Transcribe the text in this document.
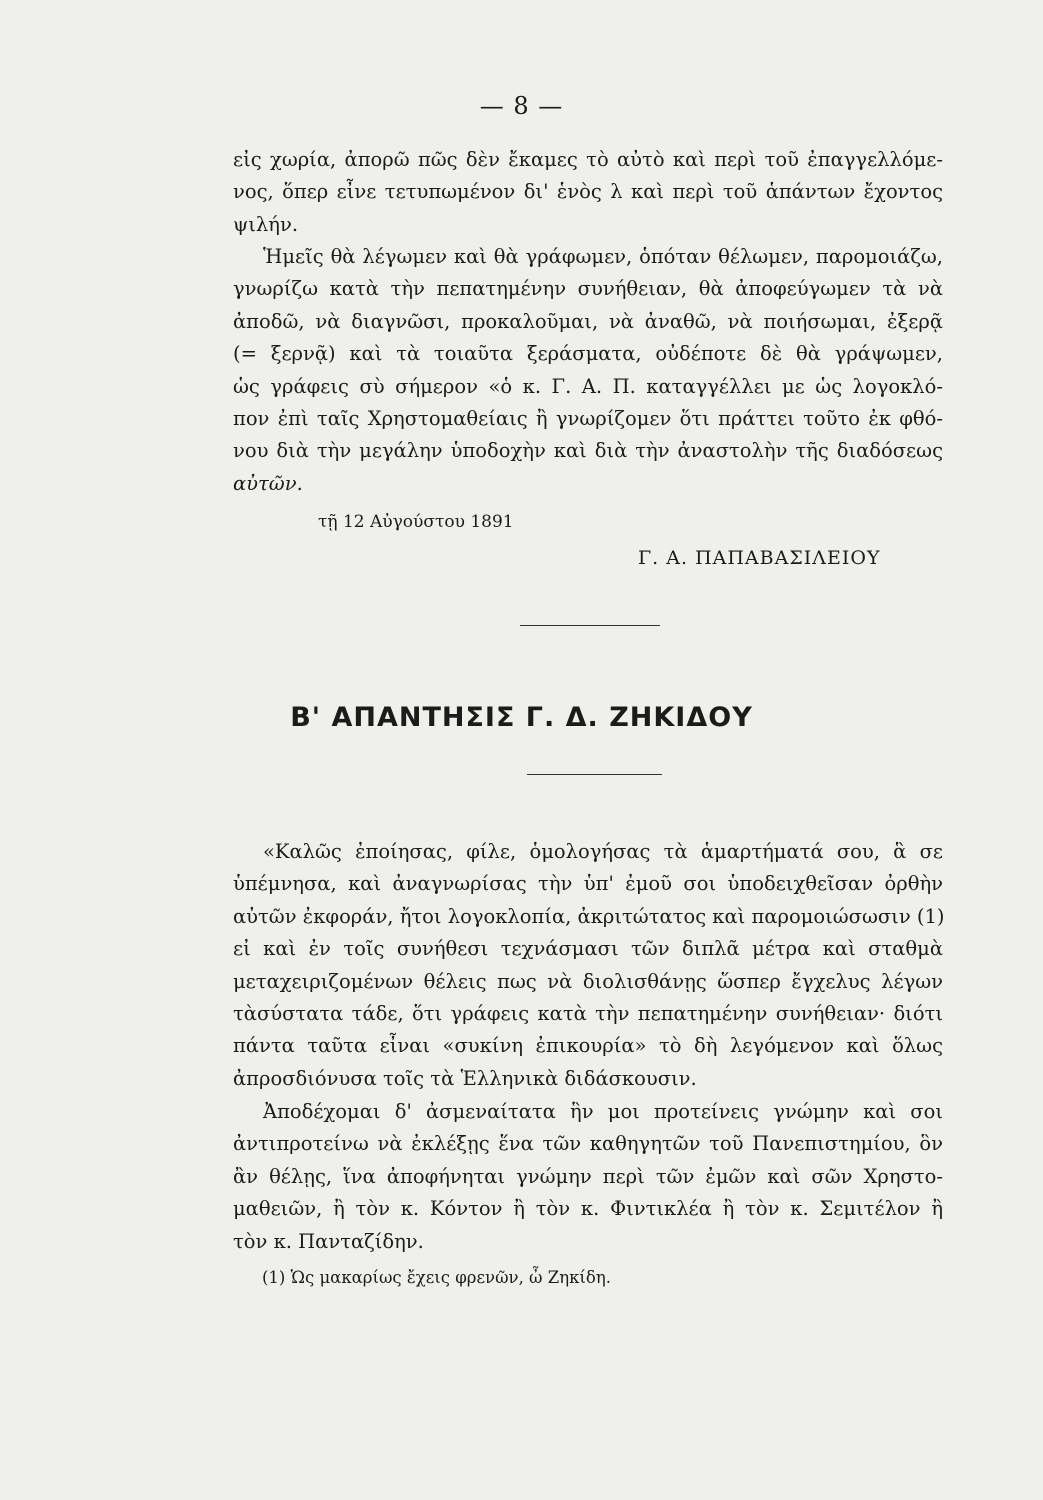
— 8 —
εἰς χωρία, ἀπορῶ πῶς δὲν ἔκαμες τὸ αὐτὸ καὶ περὶ τοῦ ἐπαγγελλόμε-
νος, ὅπερ εἶνε τετυπωμένον δι' ἑνὸς λ καὶ περὶ τοῦ ἁπάντων ἔχοντος
ψιλήν.
Ἡμεῖς θὰ λέγωμεν καὶ θὰ γράφωμεν, ὁπόταν θέλωμεν, παρομοιάζω,
γνωρίζω κατὰ τὴν πεπατημένην συνήθειαν, θὰ ἀποφεύγωμεν τὰ νὰ
ἀποδῶ, νὰ διαγνῶσι, προκαλοῦμαι, νὰ ἀναθῶ, νὰ ποιήσωμαι, ἐξερᾷ
(= ξερνᾷ) καὶ τὰ τοιαῦτα ξεράσματα, οὐδέποτε δὲ θὰ γράψωμεν,
ὡς γράφεις σὺ σήμερον «ὁ κ. Γ. Α. Π. καταγγέλλει με ὡς λογοκλό-
πον ἐπὶ ταῖς Χρηστομαθείαις ἢ γνωρίζομεν ὅτι πράττει τοῦτο ἐκ φθό-
νου διὰ τὴν μεγάλην ὑποδοχὴν καὶ διὰ τὴν ἀναστολὴν τῆς διαδόσεως
αὐτῶν.
τῇ 12 Αὐγούστου 1891
Γ. Α. ΠΑΠΑΒΑΣΙΛΕΙΟΥ
Β' ΑΠΑΝΤΗΣΙΣ Γ. Δ. ΖΗΚΙΔΟΥ
«Καλῶς ἐποίησας, φίλε, ὁμολογήσας τὰ ἁμαρτήματά σου, ἃ σε
ὑπέμνησα, καὶ ἀναγνωρίσας τὴν ὑπ' ἐμοῦ σοι ὑποδειχθεῖσαν ὀρθὴν
αὐτῶν ἐκφοράν, ἤτοι λογοκλοπία, ἀκριτώτατος καὶ παρομοιώσωσιν (1)
εἰ καὶ ἐν τοῖς συνήθεσι τεχνάσμασι τῶν διπλᾶ μέτρα καὶ σταθμὰ
μεταχειριζομένων θέλεις πως νὰ διολισθάνῃς ὥσπερ ἔγχελυς λέγων
τὰσύστατα τάδε, ὅτι γράφεις κατὰ τὴν πεπατημένην συνήθειαν· διότι
πάντα ταῦτα εἶναι «συκίνη ἐπικουρία» τὸ δὴ λεγόμενον καὶ ὅλως
ἀπροσδιόνυσα τοῖς τὰ Ἑλληνικὰ διδάσκουσιν.
Ἀποδέχομαι δ' ἀσμεναίτατα ἣν μοι προτείνεις γνώμην καὶ σοι
ἀντιπροτείνω νὰ ἐκλέξῃς ἕνα τῶν καθηγητῶν τοῦ Πανεπιστημίου, ὃν
ἂν θέλῃς, ἵνα ἀποφήνηται γνώμην περὶ τῶν ἐμῶν καὶ σῶν Χρηστο-
μαθειῶν, ἢ τὸν κ. Κόντον ἢ τὸν κ. Φιντικλέα ἢ τὸν κ. Σεμιτέλον ἢ
τὸν κ. Πανταζίδην.
(1) Ὡς μακαρίως ἔχεις φρενῶν, ὦ Ζηκίδη.
